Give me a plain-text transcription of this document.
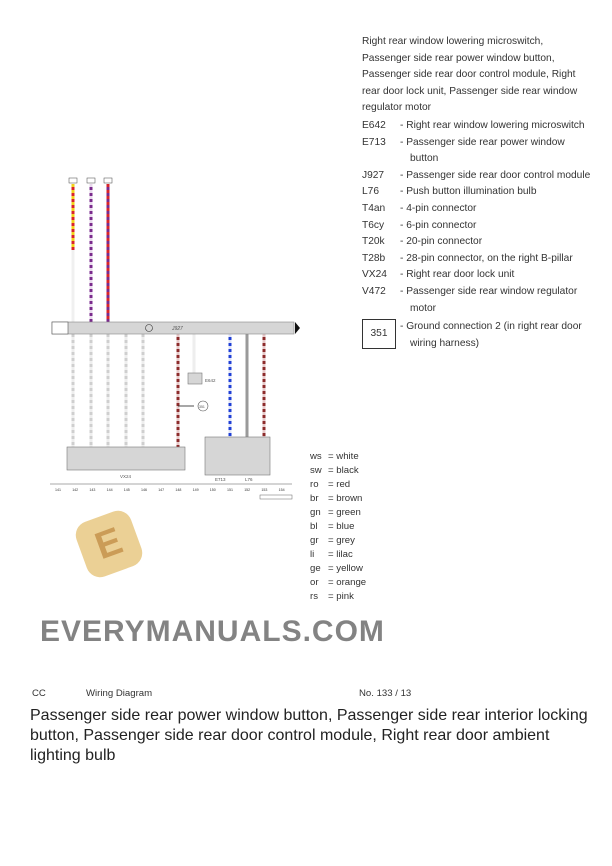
J927
VX24
E713	L76
E642
351
141	142	143	144	145	146	147	148	149	150	151	152	153	154
E
EVERYMANUALS.COM
Right rear window lowering microswitch, Passenger side rear power window button, Passenger side rear door control module, Right rear door lock unit, Passenger side rear window regulator motor
E642	- Right rear window lowering microswitch
E713	- Passenger side rear power window button
J927	- Passenger side rear door control module
L76	- Push button illumination bulb
T4an	- 4-pin connector
T6cy	- 6-pin connector
T20k	- 20-pin connector
T28b	- 28-pin connector, on the right B-pillar
VX24	- Right rear door lock unit
V472	- Passenger side rear window regulator motor
351
- Ground connection 2 (in right rear door wiring harness)
ws = white
sw = black
ro = red
br = brown
gn = green
bl	= blue
gr = grey
li	= lilac
ge = yellow
or = orange
rs	= pink
CC	Wiring Diagram	No. 133 / 13
Passenger side rear power window button, Passenger side rear interior locking button, Passenger side rear door control module, Right rear door ambient lighting bulb
